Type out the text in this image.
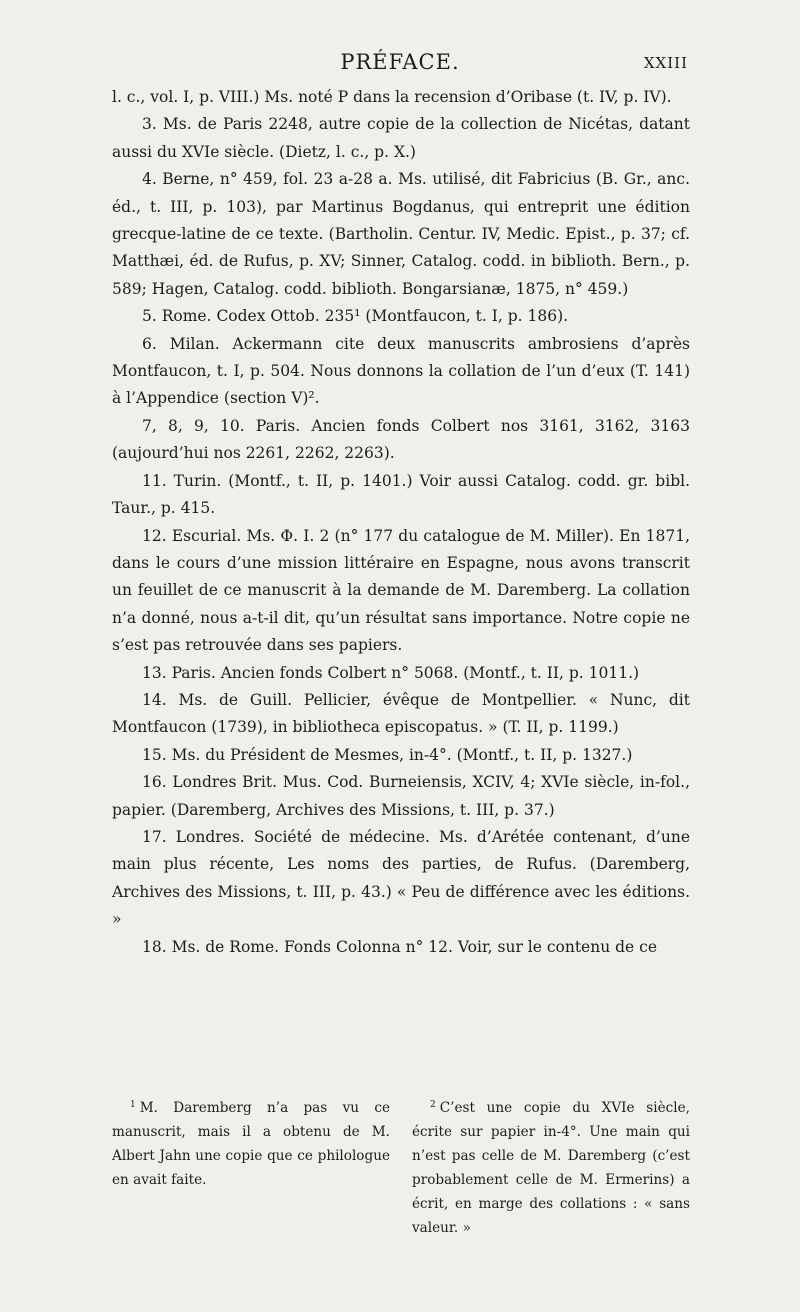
PRÉFACE.	XXIII

l. c., vol. I, p. VIII.) Ms. noté P dans la recension d’Oribase (t. IV, p. IV).

3. Ms. de Paris 2248, autre copie de la collection de Nicétas, datant aussi du XVIe siècle. (Dietz, l. c., p. X.)

4. Berne, n° 459, fol. 23 a-28 a. Ms. utilisé, dit Fabricius (B. Gr., anc. éd., t. III, p. 103), par Martinus Bogdanus, qui entreprit une édition grecque-latine de ce texte. (Bartholin. Centur. IV, Medic. Epist., p. 37; cf. Matthæi, éd. de Rufus, p. XV; Sinner, Catalog. codd. in biblioth. Bern., p. 589; Hagen, Catalog. codd. biblioth. Bongarsianæ, 1875, n° 459.)

5. Rome. Codex Ottob. 235¹ (Montfaucon, t. I, p. 186).

6. Milan. Ackermann cite deux manuscrits ambrosiens d’après Montfaucon, t. I, p. 504. Nous donnons la collation de l’un d’eux (T. 141) à l’Appendice (section V)².

7, 8, 9, 10. Paris. Ancien fonds Colbert nos 3161, 3162, 3163 (aujourd’hui nos 2261, 2262, 2263).

11. Turin. (Montf., t. II, p. 1401.) Voir aussi Catalog. codd. gr. bibl. Taur., p. 415.

12. Escurial. Ms. Φ. I. 2 (n° 177 du catalogue de M. Miller). En 1871, dans le cours d’une mission littéraire en Espagne, nous avons transcrit un feuillet de ce manuscrit à la demande de M. Daremberg. La collation n’a donné, nous a-t-il dit, qu’un résultat sans importance. Notre copie ne s’est pas retrouvée dans ses papiers.

13. Paris. Ancien fonds Colbert n° 5068. (Montf., t. II, p. 1011.)

14. Ms. de Guill. Pellicier, évêque de Montpellier. « Nunc, dit Montfaucon (1739), in bibliotheca episcopatus. » (T. II, p. 1199.)

15. Ms. du Président de Mesmes, in-4°. (Montf., t. II, p. 1327.)

16. Londres Brit. Mus. Cod. Burneiensis, XCIV, 4; XVIe siècle, in-fol., papier. (Daremberg, Archives des Missions, t. III, p. 37.)

17. Londres. Société de médecine. Ms. d’Arétée contenant, d’une main plus récente, Les noms des parties, de Rufus. (Daremberg, Archives des Missions, t. III, p. 43.) « Peu de différence avec les éditions. »

18. Ms. de Rome. Fonds Colonna n° 12. Voir, sur le contenu de ce

$^1$ M. Daremberg n’a pas vu ce manuscrit, mais il a obtenu de M. Albert Jahn une copie que ce philologue en avait faite.

$^2$ C’est une copie du XVIe siècle, écrite sur papier in-4°. Une main qui n’est pas celle de M. Daremberg (c’est probablement celle de M. Ermerins) a écrit, en marge des collations : « sans valeur. »
